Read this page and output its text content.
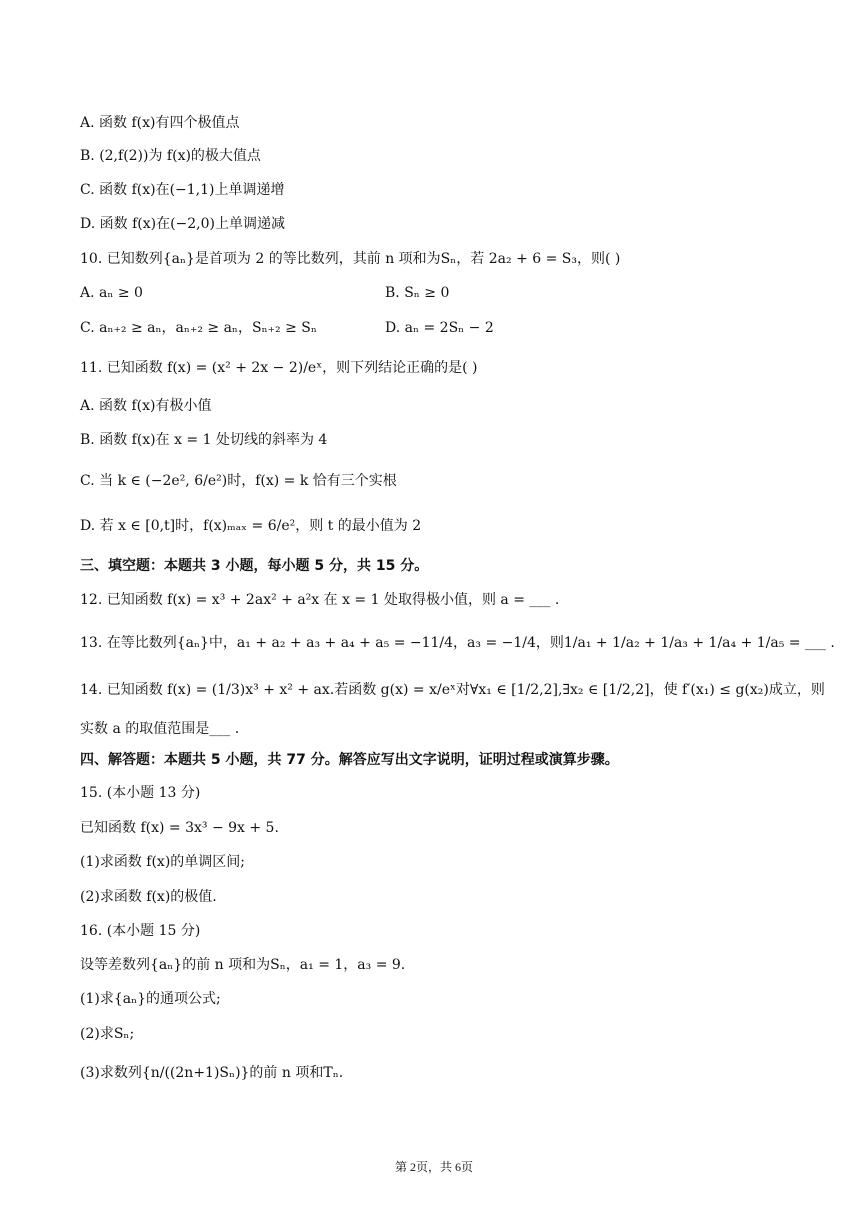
A. 函数 f(x)有四个极值点
B. (2,f(2))为 f(x)的极大值点
C. 函数 f(x)在(−1,1)上单调递增
D. 函数 f(x)在(−2,0)上单调递减
10. 已知数列{aₙ}是首项为 2 的等比数列，其前 n 项和为Sₙ，若 2a₂ + 6 = S₃，则( )
A. aₙ ≥ 0	B. Sₙ ≥ 0
C. aₙ₊₂ ≥ aₙ，aₙ₊₂ ≥ aₙ，Sₙ₊₂ ≥ Sₙ	D. aₙ = 2Sₙ − 2
11. 已知函数 f(x) = (x² + 2x − 2)/eˣ，则下列结论正确的是( )
A. 函数 f(x)有极小值
B. 函数 f(x)在 x = 1 处切线的斜率为 4
C. 当 k ∈ (−2e², 6/e²)时，f(x) = k 恰有三个实根
D. 若 x ∈ [0,t]时，f(x)ₘₐₓ = 6/e²，则 t 的最小值为 2
三、填空题：本题共 3 小题，每小题 5 分，共 15 分。
12. 已知函数 f(x) = x³ + 2ax² + a²x 在 x = 1 处取得极小值，则 a = ___ .
13. 在等比数列{aₙ}中，a₁ + a₂ + a₃ + a₄ + a₅ = −11/4，a₃ = −1/4，则1/a₁ + 1/a₂ + 1/a₃ + 1/a₄ + 1/a₅ = ___ .
14. 已知函数 f(x) = (1/3)x³ + x² + ax.若函数 g(x) = x/eˣ对∀x₁ ∈ [1/2,2],∃x₂ ∈ [1/2,2]，使 f′(x₁) ≤ g(x₂)成立，则
实数 a 的取值范围是___ .
四、解答题：本题共 5 小题，共 77 分。解答应写出文字说明，证明过程或演算步骤。
15. (本小题 13 分)
已知函数 f(x) = 3x³ − 9x + 5.
(1)求函数 f(x)的单调区间;
(2)求函数 f(x)的极值.
16. (本小题 15 分)
设等差数列{aₙ}的前 n 项和为Sₙ，a₁ = 1，a₃ = 9.
(1)求{aₙ}的通项公式;
(2)求Sₙ;
(3)求数列{n/((2n+1)Sₙ)}的前 n 项和Tₙ.
第 2页，共 6页
